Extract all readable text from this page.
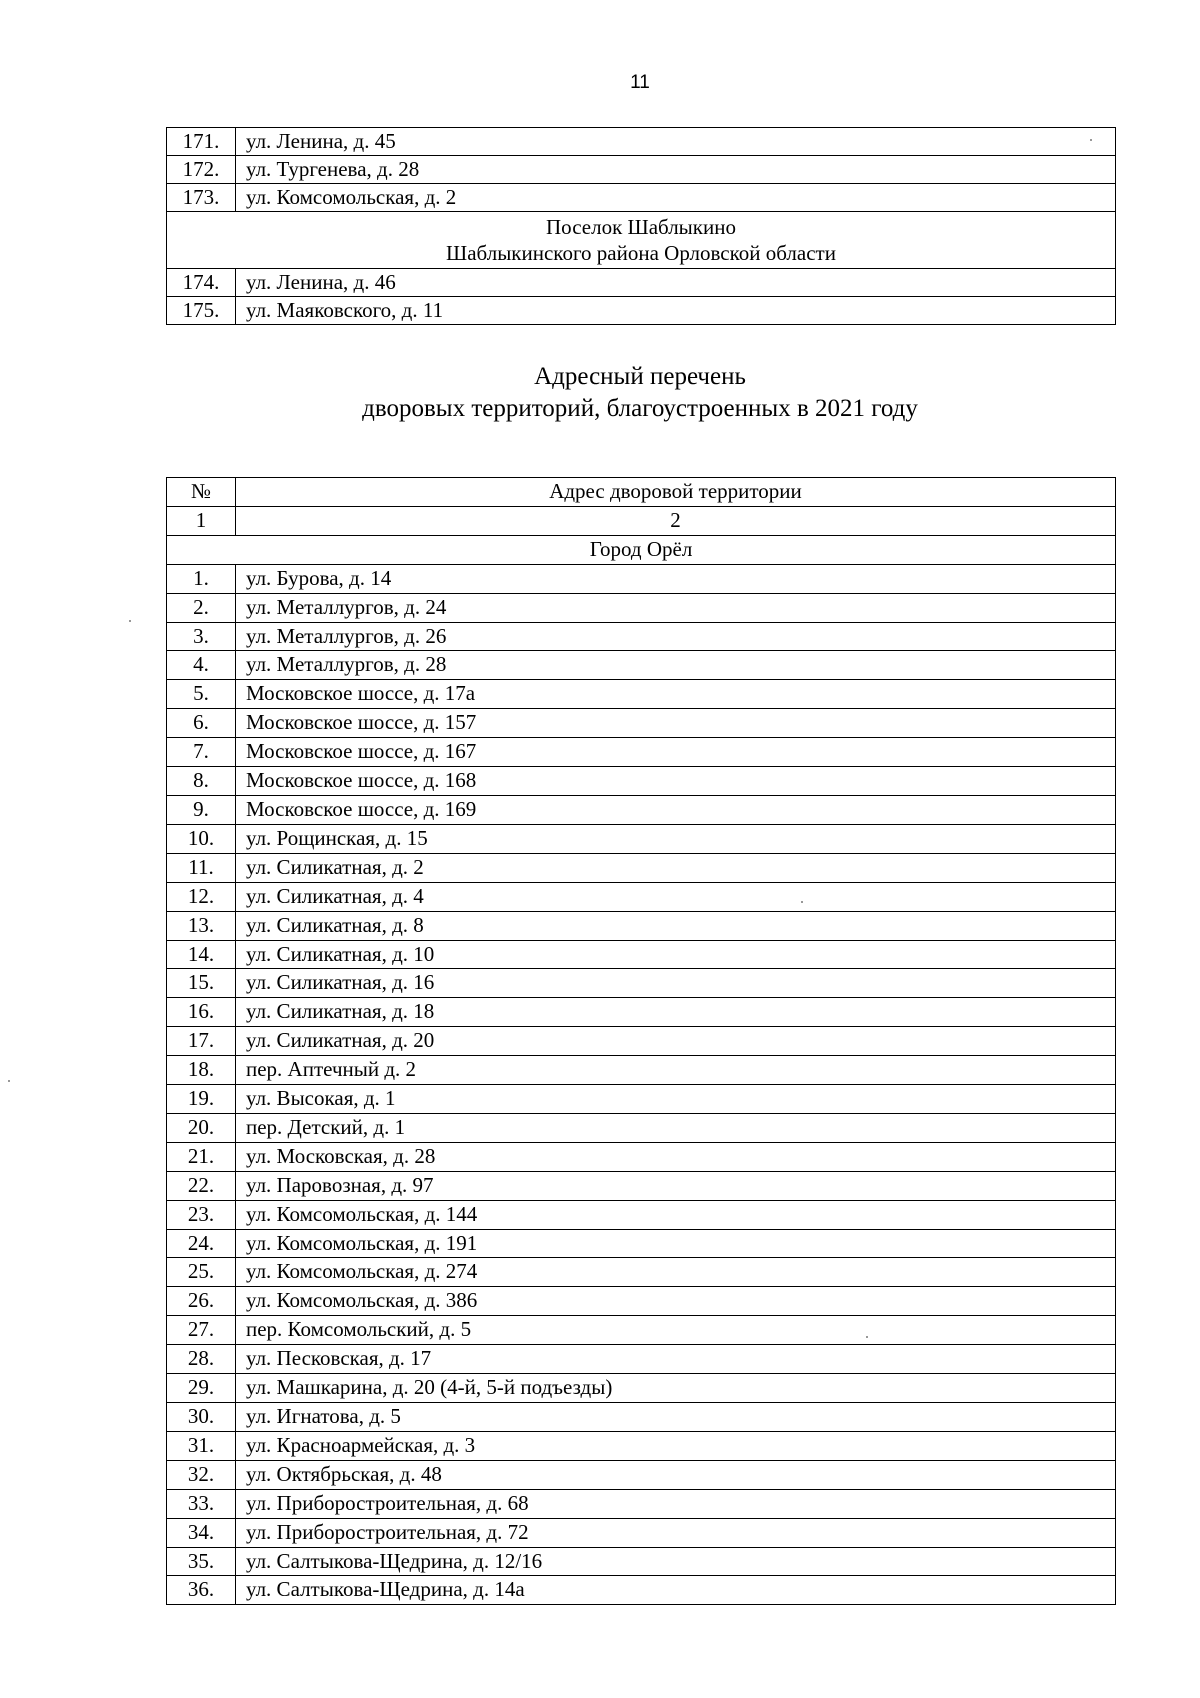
11
171.	ул. Ленина, д. 45
172.	ул. Тургенева, д. 28
173.	ул. Комсомольская, д. 2

Поселок Шаблыкино
Шаблыкинского района Орловской области	

174.	ул. Ленина, д. 46
175.	ул. Маяковского, д. 11
Адресный перечень
дворовых территорий, благоустроенных в 2021 году
№	Адрес дворовой территории
1	2
Город Орёл	
1.	ул. Бурова, д. 14
2.	ул. Металлургов, д. 24
3.	ул. Металлургов, д. 26
4.	ул. Металлургов, д. 28
5.	Московское шоссе, д. 17а
6.	Московское шоссе, д. 157
7.	Московское шоссе, д. 167
8.	Московское шоссе, д. 168
9.	Московское шоссе, д. 169
10.	ул. Рощинская, д. 15
11.	ул. Силикатная, д. 2
12.	ул. Силикатная, д. 4
13.	ул. Силикатная, д. 8
14.	ул. Силикатная, д. 10
15.	ул. Силикатная, д. 16
16.	ул. Силикатная, д. 18
17.	ул. Силикатная, д. 20
18.	пер. Аптечный д. 2
19.	ул. Высокая, д. 1
20.	пер. Детский, д. 1
21.	ул. Московская, д. 28
22.	ул. Паровозная, д. 97
23.	ул. Комсомольская, д. 144
24.	ул. Комсомольская, д. 191
25.	ул. Комсомольская, д. 274
26.	ул. Комсомольская, д. 386
27.	пер. Комсомольский, д. 5
28.	ул. Песковская, д. 17
29.	ул. Машкарина, д. 20 (4-й, 5-й подъезды)
30.	ул. Игнатова, д. 5
31.	ул. Красноармейская, д. 3
32.	ул. Октябрьская, д. 48
33.	ул. Приборостроительная, д. 68
34.	ул. Приборостроительная, д. 72
35.	ул. Салтыкова-Щедрина, д. 12/16
36.	ул. Салтыкова-Щедрина, д. 14а
